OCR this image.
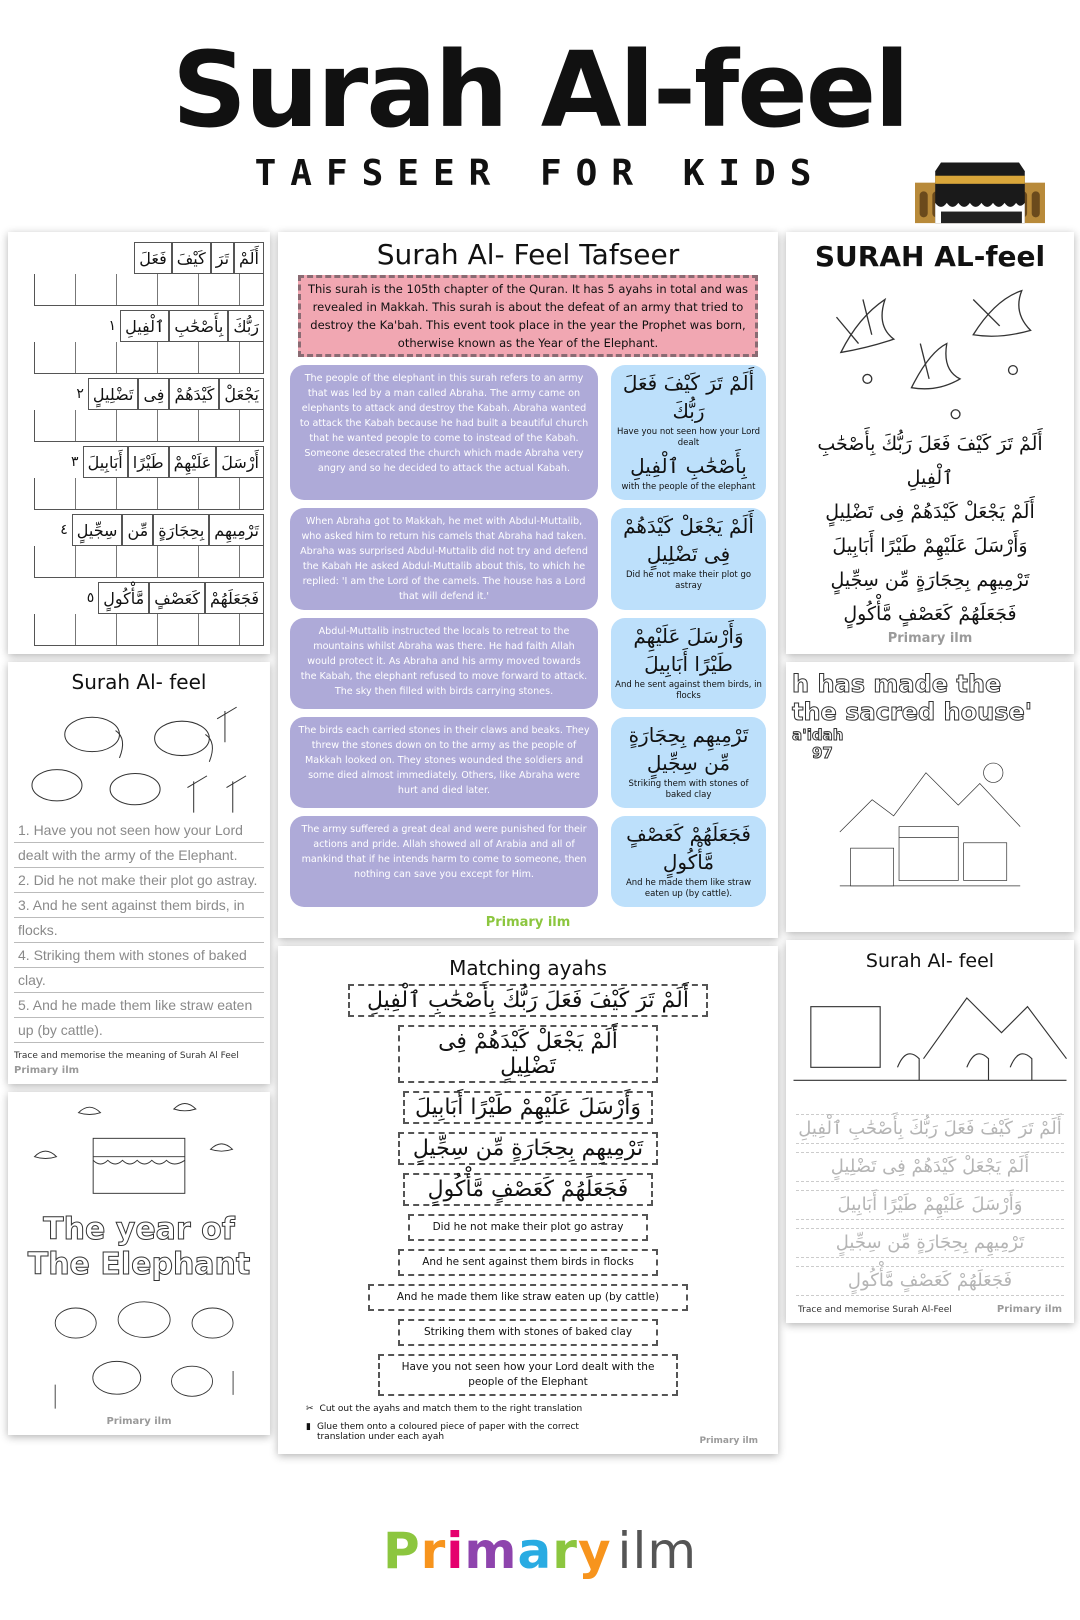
Surah Al-feel
TAFSEER FOR KIDS
أَلَمْ
تَرَ
كَيْفَ
فَعَلَ
رَبُّكَ
بِأَصْحَٰبِ
ٱلْفِيلِ
١
يَجْعَلْ
كَيْدَهُمْ
فِى
تَضْلِيلٍ
٢
أَرْسَلَ
عَلَيْهِمْ
طَيْرًا
أَبَابِيلَ
٣
تَرْمِيهِم
بِحِجَارَةٍ
مِّن
سِجِّيلٍ
٤
فَجَعَلَهُمْ
كَعَصْفٍ
مَّأْكُولٍ
٥
Surah Al- feel
1. Have you not seen how your Lord
dealt with the army of the Elephant.
2. Did he not make their plot go astray.
3. And he sent against them birds, in
flocks.
4. Striking them with stones of baked
clay.
5. And he made them like straw eaten
up (by cattle).
Trace and memorise the meaning of Surah Al Feel
Primary ilm
The year of
The Elephant
Primary ilm
Surah Al- Feel Tafseer
This surah is the 105th chapter of the Quran. It has 5 ayahs in total and was revealed in Makkah. This surah is about the defeat of an army that tried to destroy the Ka'bah. This event took place in the year the Prophet was born, otherwise known as the Year of the Elephant.
The people of the elephant in this surah refers to an army that was led by a man called Abraha. The army came on elephants to attack and destroy the Kabah. Abraha wanted to attack the Kabah because he had built a beautiful church that he wanted people to come to instead of the Kabah. Someone desecrated the church which made Abraha very angry and so he decided to attack the actual Kabah.
أَلَمْ تَرَ كَيْفَ فَعَلَ رَبُّكَ
Have you not seen how your Lord dealt
بِأَصْحَٰبِ ٱلْفِيلِ
with the people of the elephant
When Abraha got to Makkah, he met with Abdul-Muttalib, who asked him to return his camels that Abraha had taken. Abraha was surprised Abdul-Muttalib did not try and defend the Kabah He asked Abdul-Muttalib about this, to which he replied: 'I am the Lord of the camels. The house has a Lord that will defend it.'
أَلَمْ يَجْعَلْ كَيْدَهُمْ فِى تَضْلِيلٍ
Did he not make their plot go astray
Abdul-Muttalib instructed the locals to retreat to the mountains whilst Abraha was there. He had faith Allah would protect it. As Abraha and his army moved towards the Kabah, the elephant refused to move forward to attack. The sky then filled with birds carrying stones.
وَأَرْسَلَ عَلَيْهِمْ طَيْرًا أَبَابِيلَ
And he sent against them birds, in flocks
The birds each carried stones in their claws and beaks. They threw the stones down on to the army as the people of Makkah looked on. They stones wounded the soldiers and some died almost immediately. Others, like Abraha were hurt and died later.
تَرْمِيهِم بِحِجَارَةٍ مِّن سِجِّيلٍ
Striking them with stones of baked clay
The army suffered a great deal and were punished for their actions and pride. Allah showed all of Arabia and all of mankind that if he intends harm to come to someone, then nothing can save you except for Him.
فَجَعَلَهُمْ كَعَصْفٍ مَّأْكُولٍ
And he made them like straw eaten up (by cattle).
Primary ilm
Matching ayahs
أَلَمْ تَرَ كَيْفَ فَعَلَ رَبُّكَ بِأَصْحَٰبِ ٱلْفِيلِ
أَلَمْ يَجْعَلْ كَيْدَهُمْ فِى تَضْلِيلٍ
وَأَرْسَلَ عَلَيْهِمْ طَيْرًا أَبَابِيلَ
تَرْمِيهِم بِحِجَارَةٍ مِّن سِجِّيلٍ
فَجَعَلَهُمْ كَعَصْفٍ مَّأْكُولٍ
Did he not make their plot go astray
And he sent against them birds in flocks
And he made them like straw eaten up (by cattle)
Striking them with stones of baked clay
Have you not seen how your Lord dealt with the people of the Elephant
✂ Cut out the ayahs and match them to the right translation
▮ Glue them onto a coloured piece of paper with the correct translation under each ayah	Primary ilm
SURAH AL-feel
أَلَمْ تَرَ كَيْفَ فَعَلَ رَبُّكَ بِأَصْحَٰبِ ٱلْفِيلِ
أَلَمْ يَجْعَلْ كَيْدَهُمْ فِى تَضْلِيلٍ
وَأَرْسَلَ عَلَيْهِمْ طَيْرًا أَبَابِيلَ
تَرْمِيهِم بِحِجَارَةٍ مِّن سِجِّيلٍ
فَجَعَلَهُمْ كَعَصْفٍ مَّأْكُولٍ
Primary ilm
h has made the
the sacred house'
a'idah
97
Surah Al- feel
أَلَمْ تَرَ كَيْفَ فَعَلَ رَبُّكَ بِأَصْحَٰبِ ٱلْفِيلِ
أَلَمْ يَجْعَلْ كَيْدَهُمْ فِى تَضْلِيلٍ
وَأَرْسَلَ عَلَيْهِمْ طَيْرًا أَبَابِيلَ
تَرْمِيهِم بِحِجَارَةٍ مِّن سِجِّيلٍ
فَجَعَلَهُمْ كَعَصْفٍ مَّأْكُولٍ
Trace and memorise Surah Al-Feel	Primary ilm
Primary ilm
